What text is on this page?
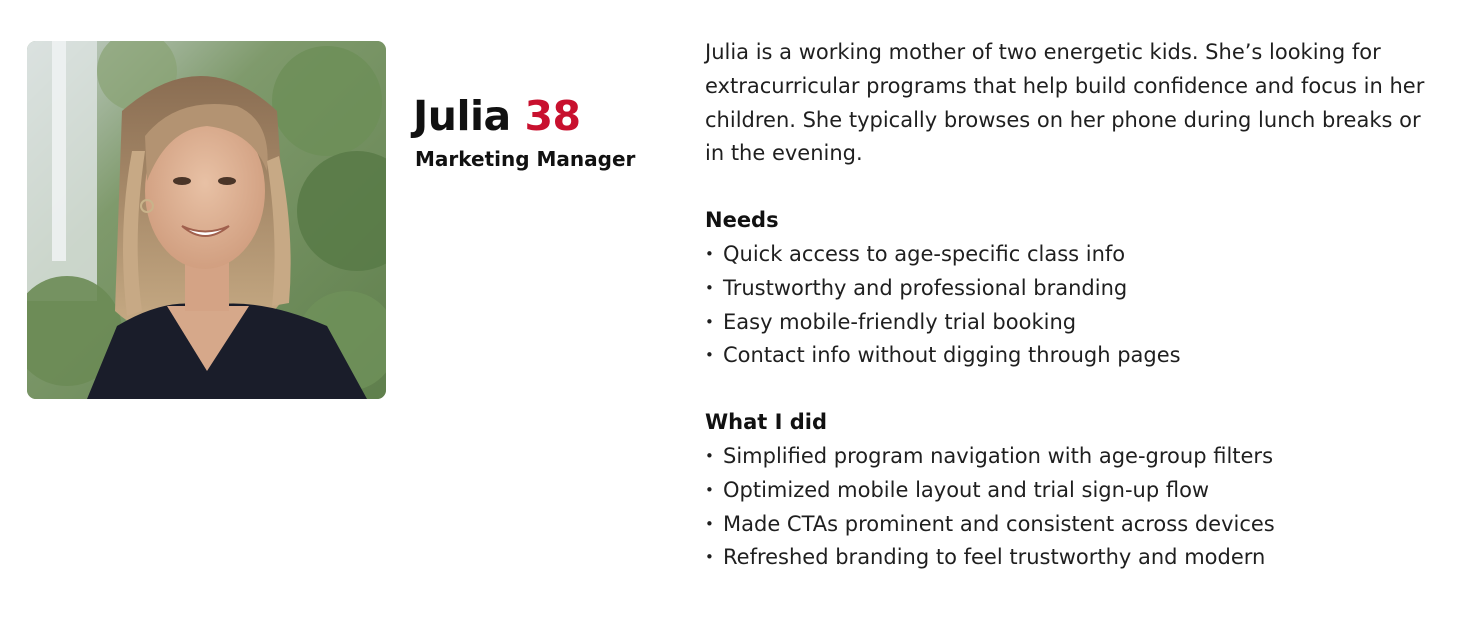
Julia 38
Marketing Manager

Julia is a working mother of two energetic kids. She’s looking for extracurricular programs that help build confidence and focus in her children. She typically browses on her phone during lunch breaks or in the evening.

Needs
• Quick access to age-specific class info
• Trustworthy and professional branding
• Easy mobile-friendly trial booking
• Contact info without digging through pages
What I did
• Simplified program navigation with age-group filters
• Optimized mobile layout and trial sign-up flow
• Made CTAs prominent and consistent across devices
• Refreshed branding to feel trustworthy and modern
